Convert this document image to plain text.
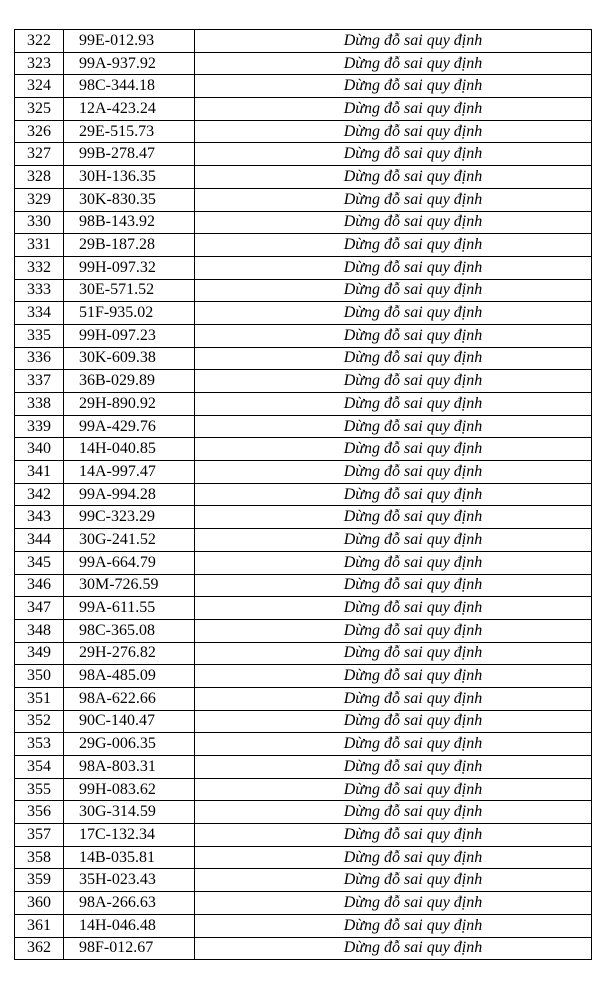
322	99E-012.93	Dừng đỗ sai quy định
323	99A-937.92	Dừng đỗ sai quy định
324	98C-344.18	Dừng đỗ sai quy định
325	12A-423.24	Dừng đỗ sai quy định
326	29E-515.73	Dừng đỗ sai quy định
327	99B-278.47	Dừng đỗ sai quy định
328	30H-136.35	Dừng đỗ sai quy định
329	30K-830.35	Dừng đỗ sai quy định
330	98B-143.92	Dừng đỗ sai quy định
331	29B-187.28	Dừng đỗ sai quy định
332	99H-097.32	Dừng đỗ sai quy định
333	30E-571.52	Dừng đỗ sai quy định
334	51F-935.02	Dừng đỗ sai quy định
335	99H-097.23	Dừng đỗ sai quy định
336	30K-609.38	Dừng đỗ sai quy định
337	36B-029.89	Dừng đỗ sai quy định
338	29H-890.92	Dừng đỗ sai quy định
339	99A-429.76	Dừng đỗ sai quy định
340	14H-040.85	Dừng đỗ sai quy định
341	14A-997.47	Dừng đỗ sai quy định
342	99A-994.28	Dừng đỗ sai quy định
343	99C-323.29	Dừng đỗ sai quy định
344	30G-241.52	Dừng đỗ sai quy định
345	99A-664.79	Dừng đỗ sai quy định
346	30M-726.59	Dừng đỗ sai quy định
347	99A-611.55	Dừng đỗ sai quy định
348	98C-365.08	Dừng đỗ sai quy định
349	29H-276.82	Dừng đỗ sai quy định
350	98A-485.09	Dừng đỗ sai quy định
351	98A-622.66	Dừng đỗ sai quy định
352	90C-140.47	Dừng đỗ sai quy định
353	29G-006.35	Dừng đỗ sai quy định
354	98A-803.31	Dừng đỗ sai quy định
355	99H-083.62	Dừng đỗ sai quy định
356	30G-314.59	Dừng đỗ sai quy định
357	17C-132.34	Dừng đỗ sai quy định
358	14B-035.81	Dừng đỗ sai quy định
359	35H-023.43	Dừng đỗ sai quy định
360	98A-266.63	Dừng đỗ sai quy định
361	14H-046.48	Dừng đỗ sai quy định
362	98F-012.67	Dừng đỗ sai quy định
